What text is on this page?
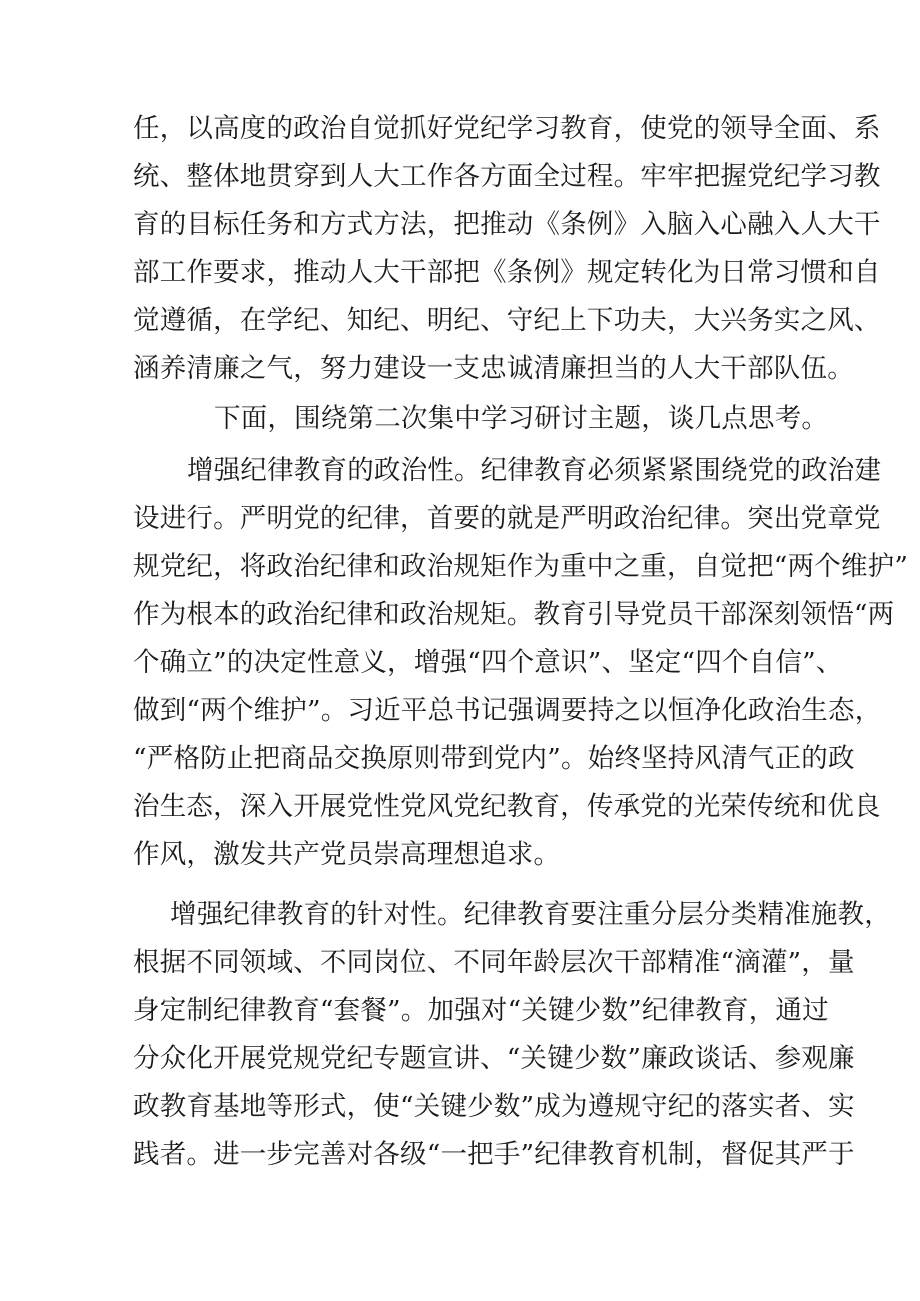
任，以高度的政治自觉抓好党纪学习教育，使党的领导全面、系
统、整体地贯穿到人大工作各方面全过程。牢牢把握党纪学习教
育的目标任务和方式方法，把推动《条例》入脑入心融入人大干
部工作要求，推动人大干部把《条例》规定转化为日常习惯和自
觉遵循，在学纪、知纪、明纪、守纪上下功夫，大兴务实之风、
涵养清廉之气，努力建设一支忠诚清廉担当的人大干部队伍。
下面，围绕第二次集中学习研讨主题，谈几点思考。
增强纪律教育的政治性。纪律教育必须紧紧围绕党的政治建
设进行。严明党的纪律，首要的就是严明政治纪律。突出党章党
规党纪，将政治纪律和政治规矩作为重中之重，自觉把“两个维护”
作为根本的政治纪律和政治规矩。教育引导党员干部深刻领悟“两
个确立”的决定性意义，增强“四个意识”、坚定“四个自信”、
做到“两个维护”。习近平总书记强调要持之以恒净化政治生态，
“严格防止把商品交换原则带到党内”。始终坚持风清气正的政
治生态，深入开展党性党风党纪教育，传承党的光荣传统和优良
作风，激发共产党员崇高理想追求。
增强纪律教育的针对性。纪律教育要注重分层分类精准施教，
根据不同领域、不同岗位、不同年龄层次干部精准“滴灌”，量
身定制纪律教育“套餐”。加强对“关键少数”纪律教育，通过
分众化开展党规党纪专题宣讲、“关键少数”廉政谈话、参观廉
政教育基地等形式，使“关键少数”成为遵规守纪的落实者、实
践者。进一步完善对各级“一把手”纪律教育机制，督促其严于
